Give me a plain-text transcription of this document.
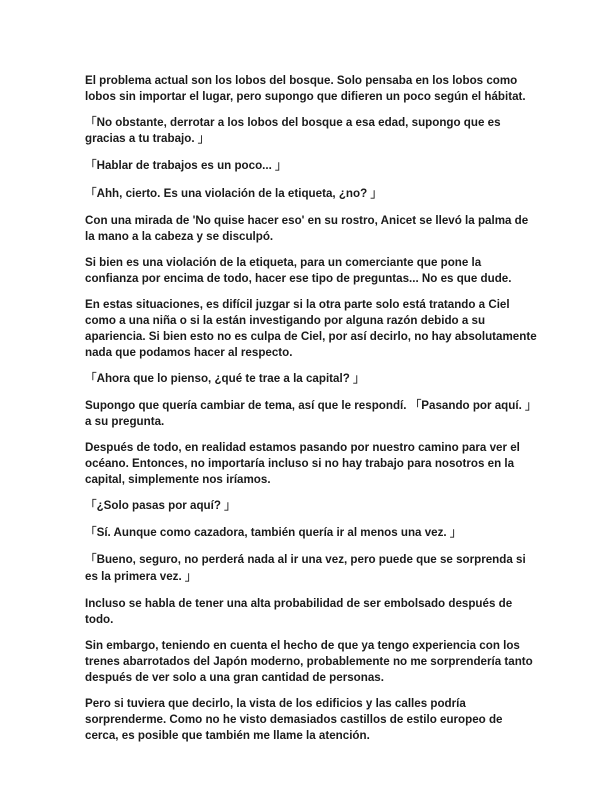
El problema actual son los lobos del bosque. Solo pensaba en los lobos como lobos sin importar el lugar, pero supongo que difieren un poco según el hábitat.

「No obstante, derrotar a los lobos del bosque a esa edad, supongo que es gracias a tu trabajo. 」

「Hablar de trabajos es un poco... 」

「Ahh, cierto. Es una violación de la etiqueta, ¿no? 」

Con una mirada de 'No quise hacer eso' en su rostro, Anicet se llevó la palma de la mano a la cabeza y se disculpó.

Si bien es una violación de la etiqueta, para un comerciante que pone la confianza por encima de todo, hacer ese tipo de preguntas... No es que dude.

En estas situaciones, es difícil juzgar si la otra parte solo está tratando a Ciel como a una niña o si la están investigando por alguna razón debido a su apariencia. Si bien esto no es culpa de Ciel, por así decirlo, no hay absolutamente nada que podamos hacer al respecto.

「Ahora que lo pienso, ¿qué te trae a la capital? 」

Supongo que quería cambiar de tema, así que le respondí. 「Pasando por aquí. 」 a su pregunta.

Después de todo, en realidad estamos pasando por nuestro camino para ver el océano. Entonces, no importaría incluso si no hay trabajo para nosotros en la capital, simplemente nos iríamos.

「¿Solo pasas por aquí? 」

「Sí. Aunque como cazadora, también quería ir al menos una vez. 」

「Bueno, seguro, no perderá nada al ir una vez, pero puede que se sorprenda si es la primera vez. 」

Incluso se habla de tener una alta probabilidad de ser embolsado después de todo.

Sin embargo, teniendo en cuenta el hecho de que ya tengo experiencia con los trenes abarrotados del Japón moderno, probablemente no me sorprendería tanto después de ver solo a una gran cantidad de personas.

Pero si tuviera que decirlo, la vista de los edificios y las calles podría sorprenderme. Como no he visto demasiados castillos de estilo europeo de cerca, es posible que también me llame la atención.
